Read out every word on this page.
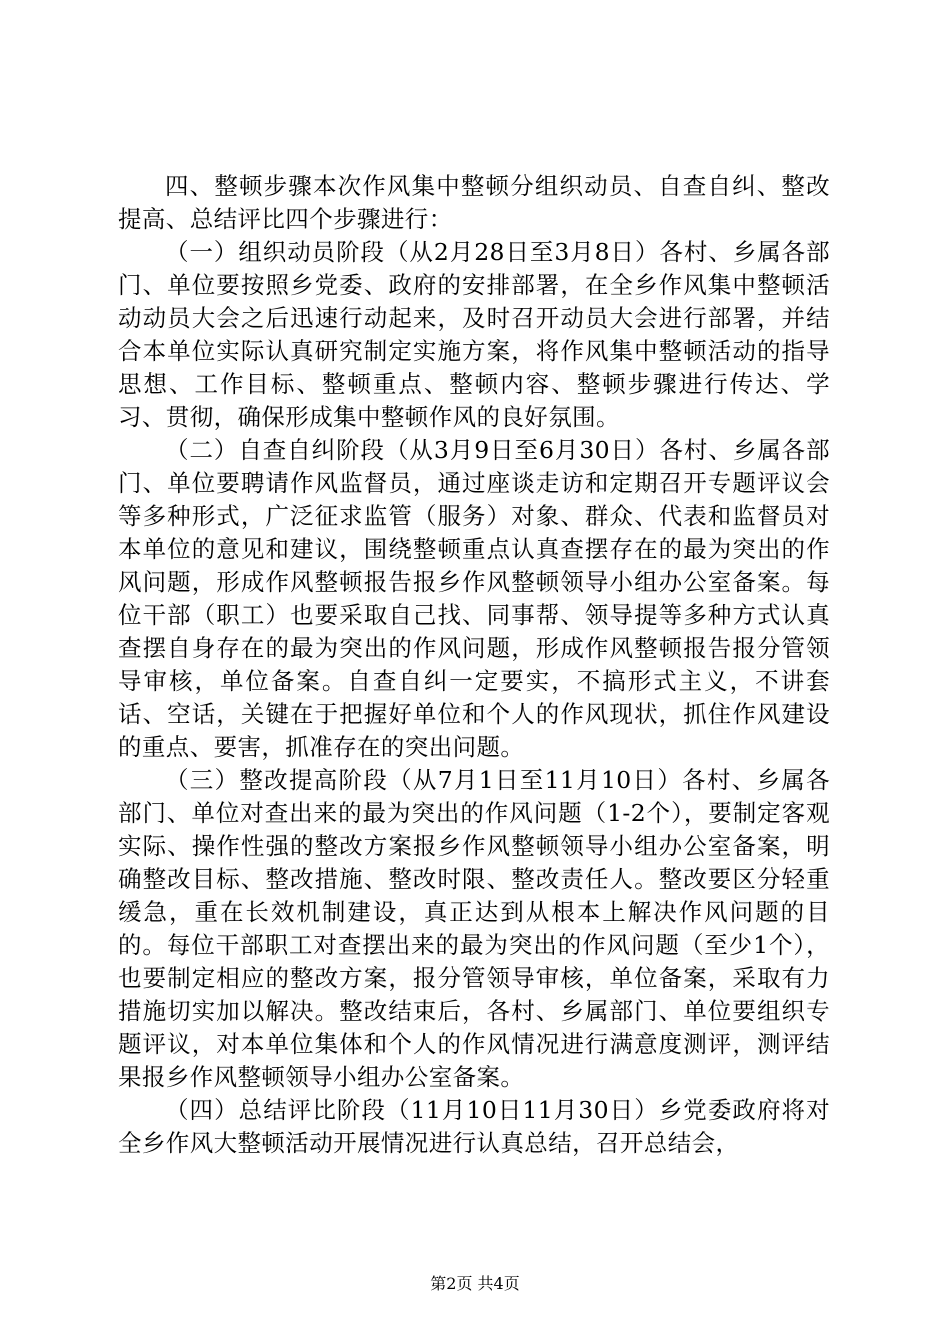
四、整顿步骤本次作风集中整顿分组织动员、自查自纠、整改提高、总结评比四个步骤进行：

（一）组织动员阶段（从2月28日至3月8日）各村、乡属各部门、单位要按照乡党委、政府的安排部署，在全乡作风集中整顿活动动员大会之后迅速行动起来，及时召开动员大会进行部署，并结合本单位实际认真研究制定实施方案，将作风集中整顿活动的指导思想、工作目标、整顿重点、整顿内容、整顿步骤进行传达、学习、贯彻，确保形成集中整顿作风的良好氛围。

（二）自查自纠阶段（从3月9日至6月30日）各村、乡属各部门、单位要聘请作风监督员，通过座谈走访和定期召开专题评议会等多种形式，广泛征求监管（服务）对象、群众、代表和监督员对本单位的意见和建议，围绕整顿重点认真查摆存在的最为突出的作风问题，形成作风整顿报告报乡作风整顿领导小组办公室备案。每位干部（职工）也要采取自己找、同事帮、领导提等多种方式认真查摆自身存在的最为突出的作风问题，形成作风整顿报告报分管领导审核，单位备案。自查自纠一定要实，不搞形式主义，不讲套话、空话，关键在于把握好单位和个人的作风现状，抓住作风建设的重点、要害，抓准存在的突出问题。

（三）整改提高阶段（从7月1日至11月10日）各村、乡属各部门、单位对查出来的最为突出的作风问题（1-2个），要制定客观实际、操作性强的整改方案报乡作风整顿领导小组办公室备案，明确整改目标、整改措施、整改时限、整改责任人。整改要区分轻重缓急，重在长效机制建设，真正达到从根本上解决作风问题的目的。每位干部职工对查摆出来的最为突出的作风问题（至少1个），也要制定相应的整改方案，报分管领导审核，单位备案，采取有力措施切实加以解决。整改结束后，各村、乡属部门、单位要组织专题评议，对本单位集体和个人的作风情况进行满意度测评，测评结果报乡作风整顿领导小组办公室备案。

（四）总结评比阶段（11月10日11月30日）乡党委政府将对全乡作风大整顿活动开展情况进行认真总结，召开总结会，

第2页 共4页
